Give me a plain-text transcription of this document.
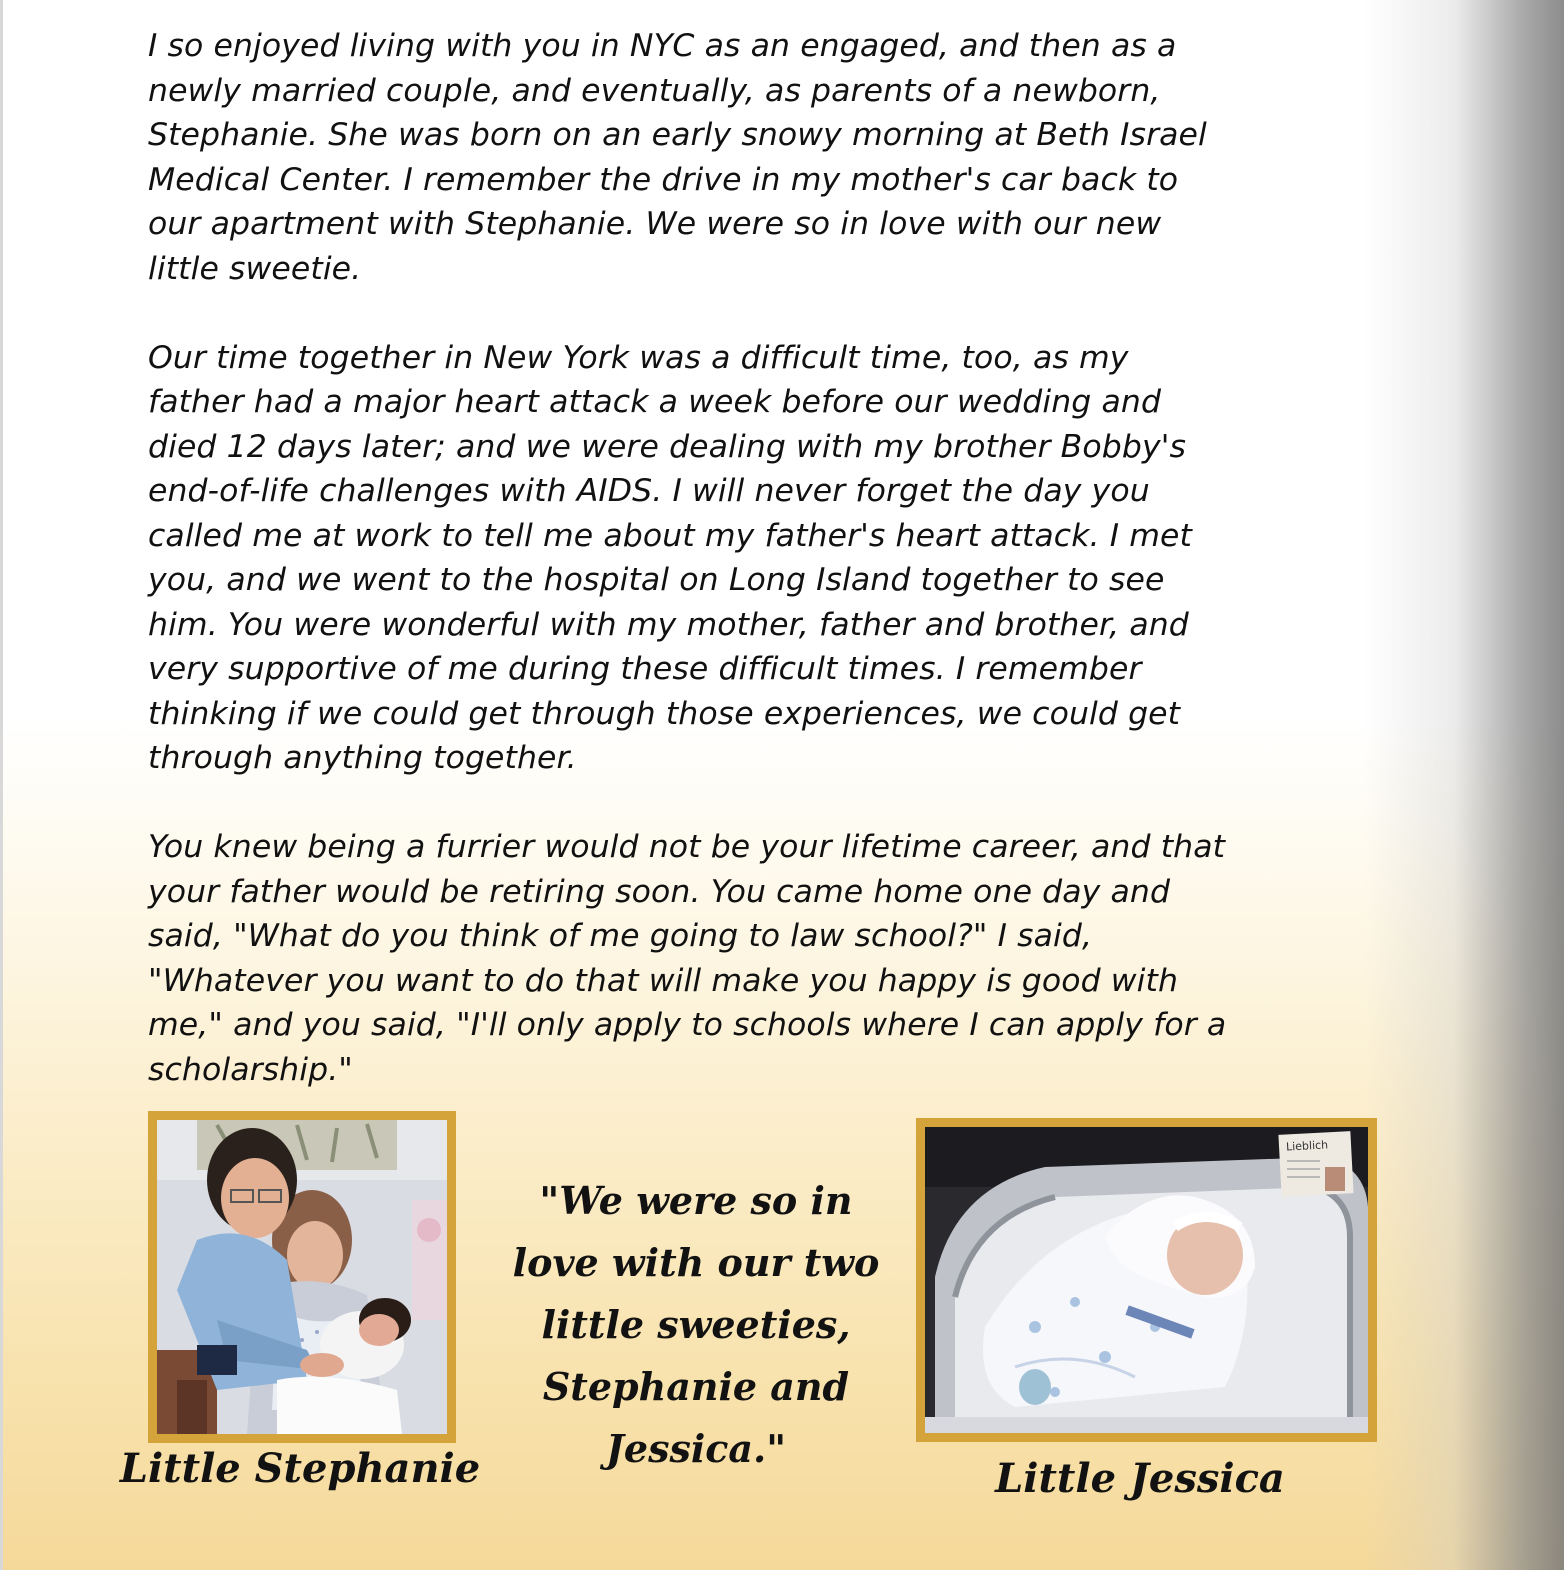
I so enjoyed living with you in NYC as an engaged, and then as a
newly married couple, and eventually, as parents of a newborn,
Stephanie. She was born on an early snowy morning at Beth Israel
Medical Center. I remember the drive in my mother's car back to
our apartment with Stephanie. We were so in love with our new
little sweetie.

Our time together in New York was a difficult time, too, as my
father had a major heart attack a week before our wedding and
died 12 days later; and we were dealing with my brother Bobby's
end-of-life challenges with AIDS. I will never forget the day you
called me at work to tell me about my father's heart attack. I met
you, and we went to the hospital on Long Island together to see
him. You were wonderful with my mother, father and brother, and
very supportive of me during these difficult times. I remember
thinking if we could get through those experiences, we could get
through anything together.

You knew being a furrier would not be your lifetime career, and that
your father would be retiring soon. You came home one day and
said, "What do you think of me going to law school?" I said,
"Whatever you want to do that will make you happy is good with
me," and you said, "I'll only apply to schools where I can apply for a
scholarship."

Lieblich
Little Stephanie	Little Jessica
"We were so in
love with our two
little sweeties,
Stephanie and
Jessica."
